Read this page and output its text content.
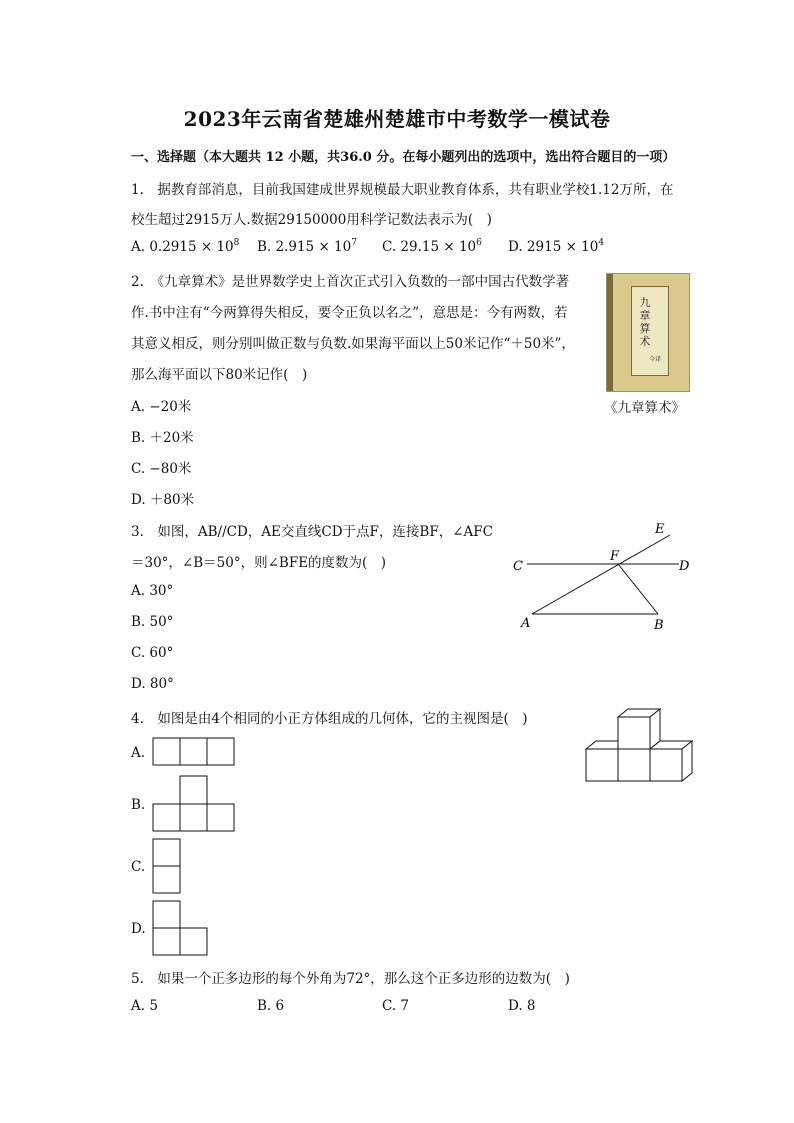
2023年云南省楚雄州楚雄市中考数学一模试卷
一、选择题（本大题共 12 小题，共36.0 分。在每小题列出的选项中，选出符合题目的一项）
1.　据教育部消息，目前我国建成世界规模最大职业教育体系，共有职业学校1.12万所，在
校生超过2915万人.数据29150000用科学记数法表示为(　)
A. $0.2915 \times 10^8$ B. $2.915 \times 10^7$ C. $29.15 \times 10^6$ D. $2915 \times 10^4$
2.　《九章算术》是世界数学史上首次正式引入负数的一部中国古代数学著
作.书中注有“今两算得失相反，要令正负以名之”，意思是：今有两数，若
其意义相反，则分别叫做正数与负数.如果海平面以上50米记作“＋50米”，
那么海平面以下80米记作(　)
A. −20米
B. ＋20米
C. −80米
D. ＋80米
九章算术
今译
《九章算术》
3.　如图，AB//CD，AE交直线CD于点F，连接BF，∠AFC
＝30°，∠B＝50°，则∠BFE的度数为(　)
A. 30°
B. 50°
C. 60°
D. 80°
E
F
C	D
A	B
4.　如图是由4个相同的小正方体组成的几何体，它的主视图是(　)
A.
B.
C.
D.
5.　如果一个正多边形的每个外角为72°，那么这个正多边形的边数为(　)
A. 5	B. 6	C. 7	D. 8
